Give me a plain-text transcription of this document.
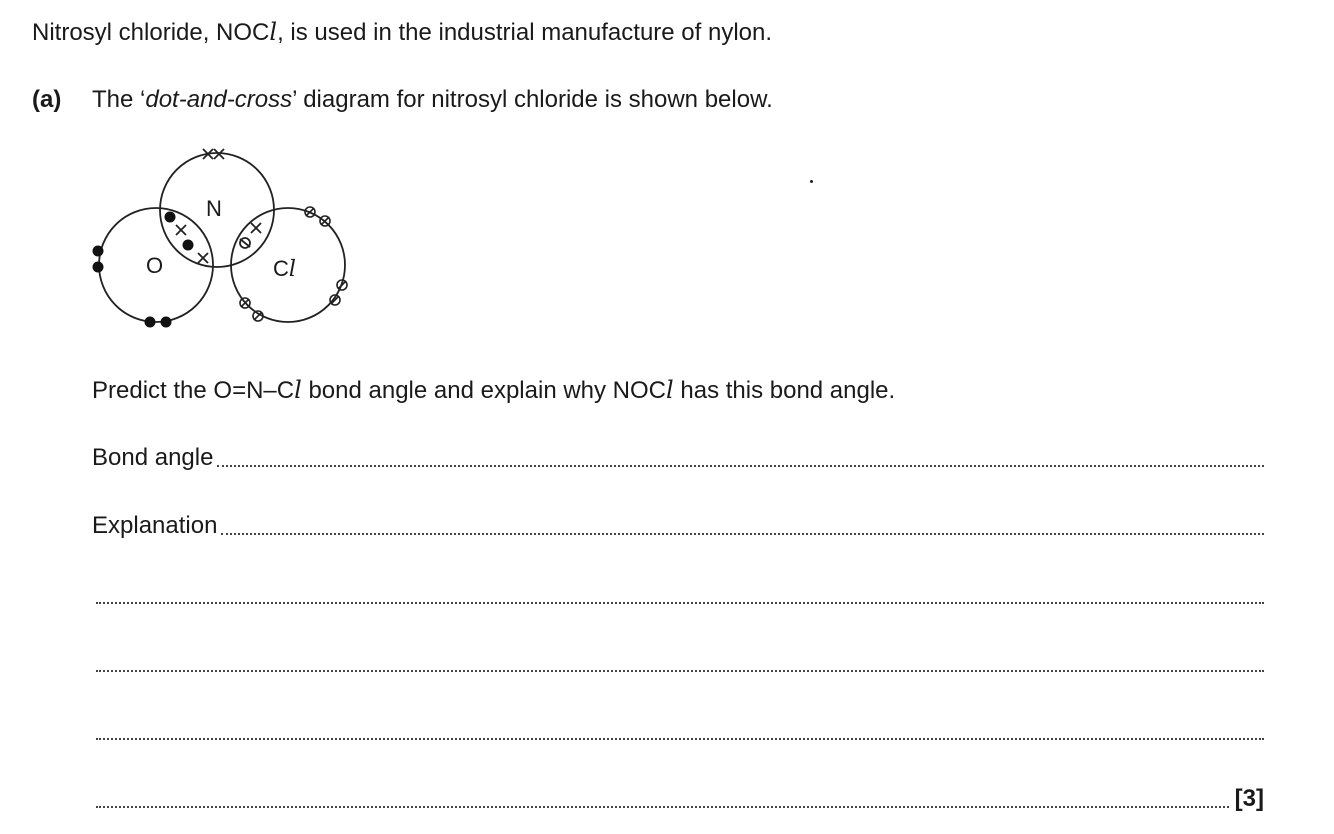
Nitrosyl chloride, NOCl, is used in the industrial manufacture of nylon.
(a) The ‘dot-and-cross’ diagram for nitrosyl chloride is shown below.
N
O	Cl
Predict the O=N–Cl bond angle and explain why NOCl has this bond angle.
Bond angle
Explanation
[3]
